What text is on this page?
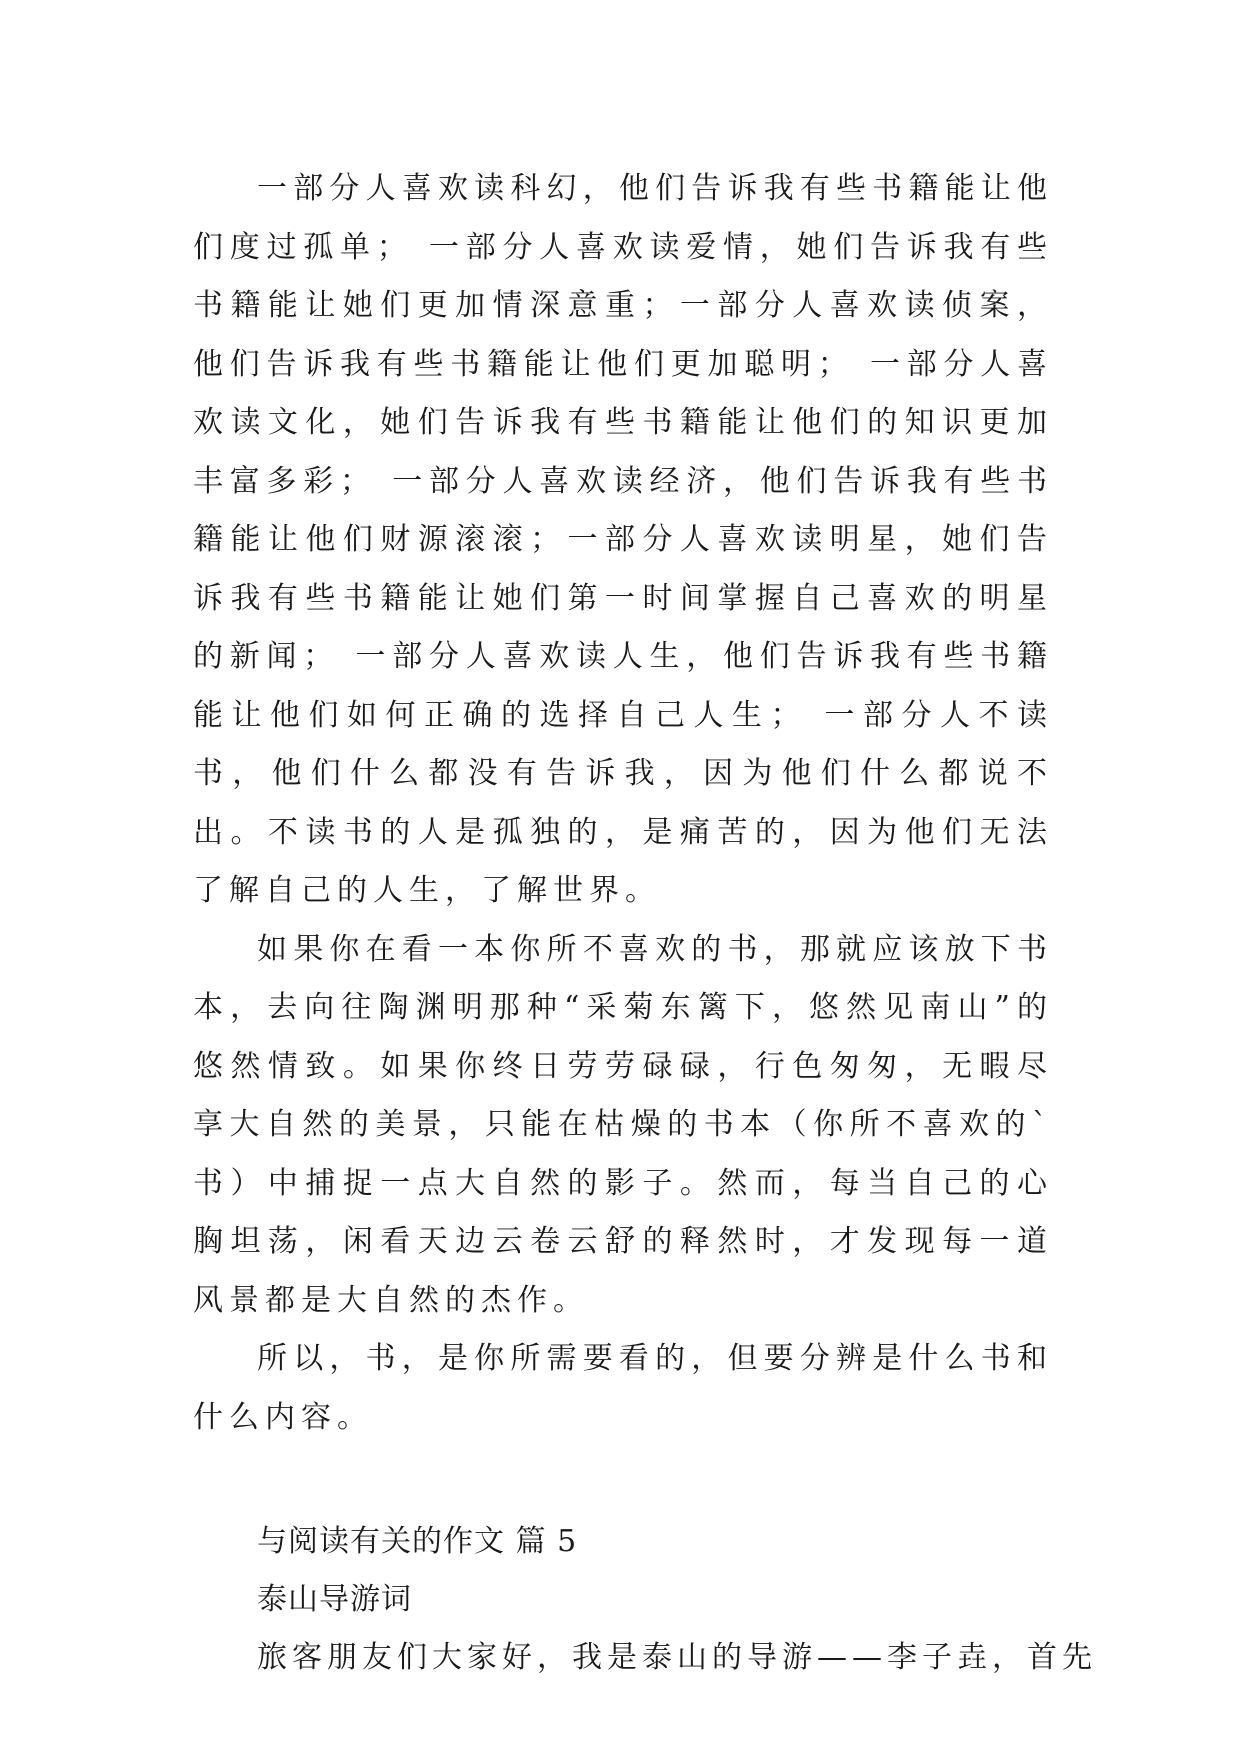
一部分人喜欢读科幻，他们告诉我有些书籍能让他们度过孤单； 一部分人喜欢读爱情，她们告诉我有些书籍能让她们更加情深意重；一部分人喜欢读侦案，他们告诉我有些书籍能让他们更加聪明； 一部分人喜欢读文化，她们告诉我有些书籍能让他们的知识更加丰富多彩； 一部分人喜欢读经济，他们告诉我有些书籍能让他们财源滚滚；一部分人喜欢读明星，她们告诉我有些书籍能让她们第一时间掌握自己喜欢的明星的新闻； 一部分人喜欢读人生，他们告诉我有些书籍能让他们如何正确的选择自己人生； 一部分人不读书，他们什么都没有告诉我，因为他们什么都说不出。不读书的人是孤独的，是痛苦的，因为他们无法了解自己的人生，了解世界。

如果你在看一本你所不喜欢的书，那就应该放下书本，去向往陶渊明那种“采菊东篱下，悠然见南山”的悠然情致。如果你终日劳劳碌碌，行色匆匆，无暇尽享大自然的美景，只能在枯燥的书本（你所不喜欢的`书）中捕捉一点大自然的影子。然而，每当自己的心胸坦荡，闲看天边云卷云舒的释然时，才发现每一道风景都是大自然的杰作。

所以，书，是你所需要看的，但要分辨是什么书和什么内容。

与阅读有关的作文 篇 5

泰山导游词

旅客朋友们大家好，我是泰山的导游——李子垚，首先
